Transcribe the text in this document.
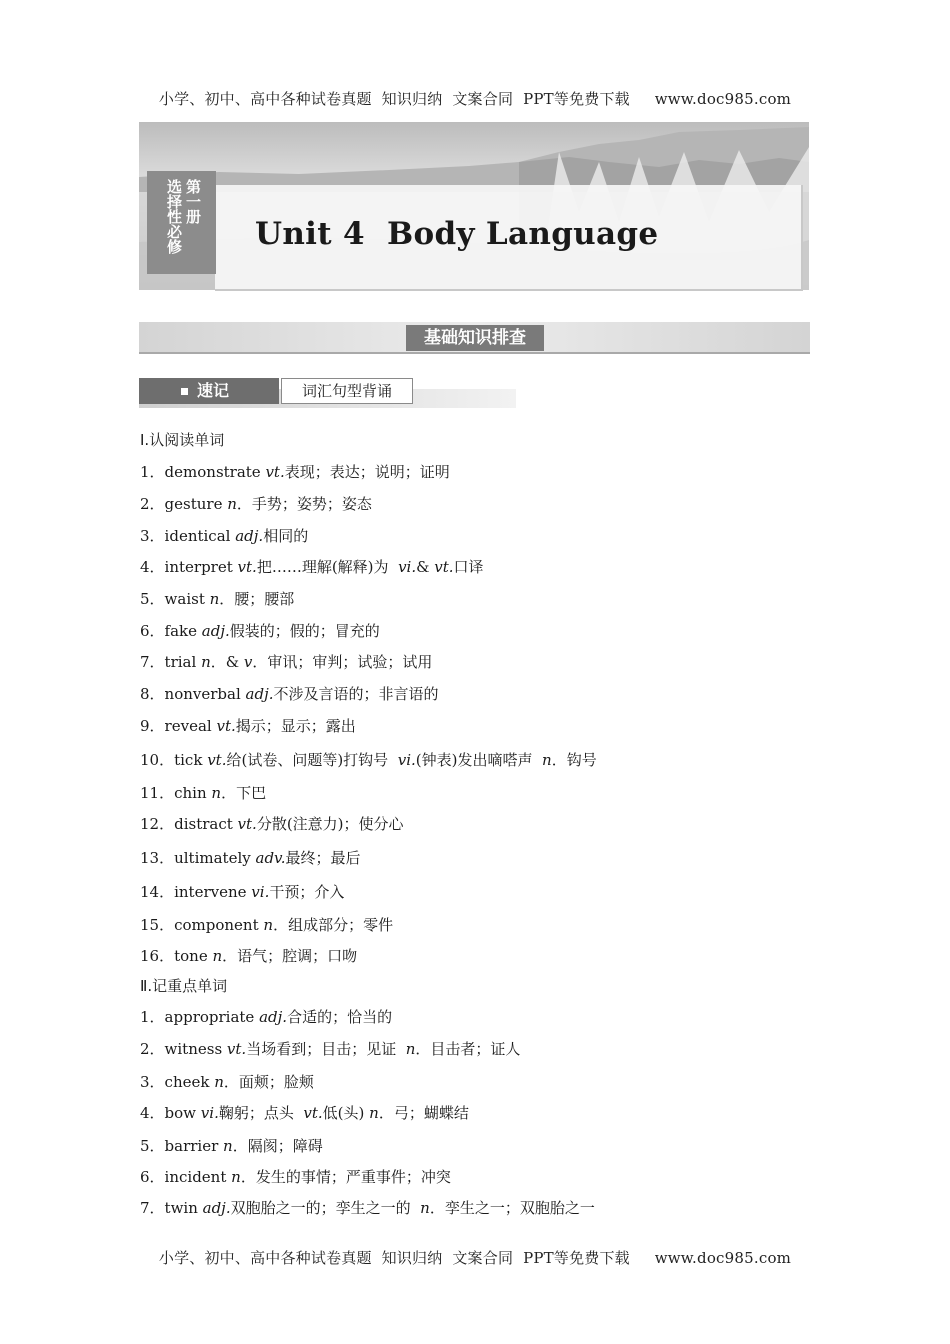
小学、初中、高中各种试卷真题  知识归纳  文案合同  PPT等免费下载     www.doc985.com
第一册
选择性必修 Unit 4  Body Language
基础知识排查
速记	词汇句型背诵
Ⅰ.认阅读单词
1．demonstrate vt.表现；表达；说明；证明
2．gesture n．手势；姿势；姿态
3．identical adj.相同的
4．interpret vt.把……理解(解释)为  vi.& vt.口译
5．waist n．腰；腰部
6．fake adj.假装的；假的；冒充的
7．trial n．& v．审讯；审判；试验；试用
8．nonverbal adj.不涉及言语的；非言语的
9．reveal vt.揭示；显示；露出
10．tick vt.给(试卷、问题等)打钩号  vi.(钟表)发出嘀嗒声  n．钩号
11．chin n．下巴
12．distract vt.分散(注意力)；使分心
13．ultimately adv.最终；最后
14．intervene vi.干预；介入
15．component n．组成部分；零件
16．tone n．语气；腔调；口吻
Ⅱ.记重点单词
1．appropriate adj.合适的；恰当的
2．witness vt.当场看到；目击；见证  n．目击者；证人
3．cheek n．面颊；脸颊
4．bow vi.鞠躬；点头  vt.低(头) n．弓；蝴蝶结
5．barrier n．隔阂；障碍
6．incident n．发生的事情；严重事件；冲突
7．twin adj.双胞胎之一的；孪生之一的  n．孪生之一；双胞胎之一
小学、初中、高中各种试卷真题  知识归纳  文案合同  PPT等免费下载     www.doc985.com
